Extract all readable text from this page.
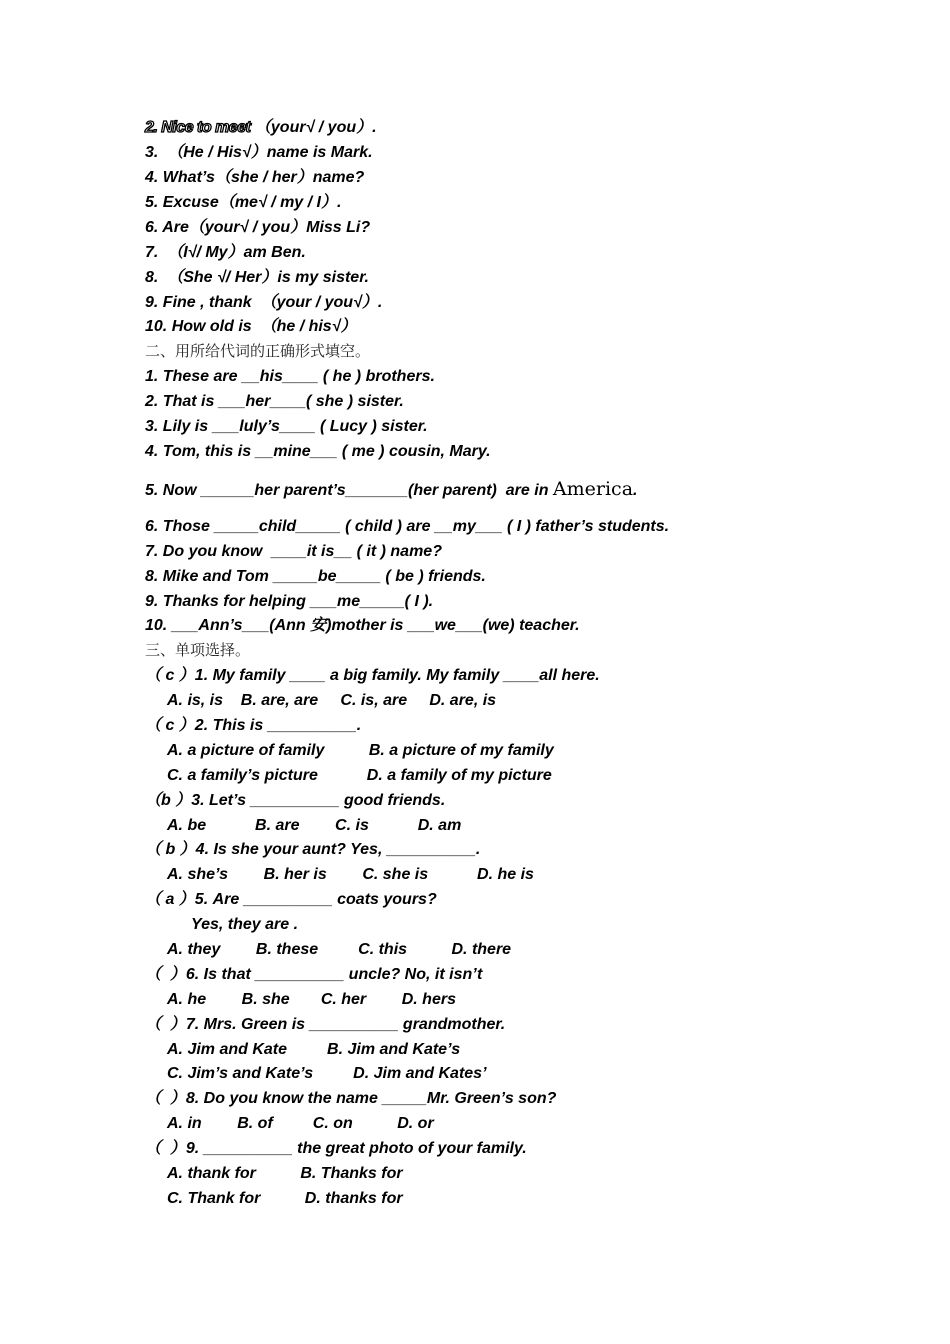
2. Nice to meet （your√ / you）.
3.  （He / His√）name is Mark.
4. What’s（she / her）name?
5. Excuse（me√ / my / I）.
6. Are（your√ / you）Miss Li?
7.  （I√/ My）am Ben.
8.  （She √/ Her）is my sister.
9. Fine , thank  （your / you√）.
10. How old is  （he / his√）
二、用所给代词的正确形式填空。
1. These are __his____ ( he ) brothers.
2. That is ___her____( she ) sister.
3. Lily is ___luly’s____ ( Lucy ) sister.
4. Tom, this is __mine___ ( me ) cousin, Mary.
5. Now ______her parent’s_______(her parent)  are in America.
6. Those _____child_____ ( child ) are __my___ ( I ) father’s students.
7. Do you know  ____it is__ ( it ) name?
8. Mike and Tom _____be_____ ( be ) friends.
9. Thanks for helping ___me_____( I ).
10. ___Ann’s___(Ann 安)mother is ___we___(we) teacher.
三、单项选择。
（ c ）1. My family ____ a big family. My family ____all here.
A. is, is    B. are, are     C. is, are     D. are, is
（ c ）2. This is __________.
A. a picture of family          B. a picture of my family
C. a family’s picture           D. a family of my picture
（b ）3. Let’s __________ good friends.
A. be           B. are        C. is           D. am
（ b ）4. Is she your aunt? Yes, __________.
A. she’s        B. her is        C. she is           D. he is
（ a ）5. Are __________ coats yours?
Yes, they are .
A. they        B. these         C. this          D. there
（  ）6. Is that __________ uncle? No, it isn’t
A. he        B. she       C. her        D. hers
（  ）7. Mrs. Green is __________ grandmother.
A. Jim and Kate         B. Jim and Kate’s
C. Jim’s and Kate’s         D. Jim and Kates’
（  ）8. Do you know the name _____Mr. Green’s son?
A. in        B. of         C. on          D. or
（  ）9. __________ the great photo of your family.
A. thank for          B. Thanks for
C. Thank for          D. thanks for
